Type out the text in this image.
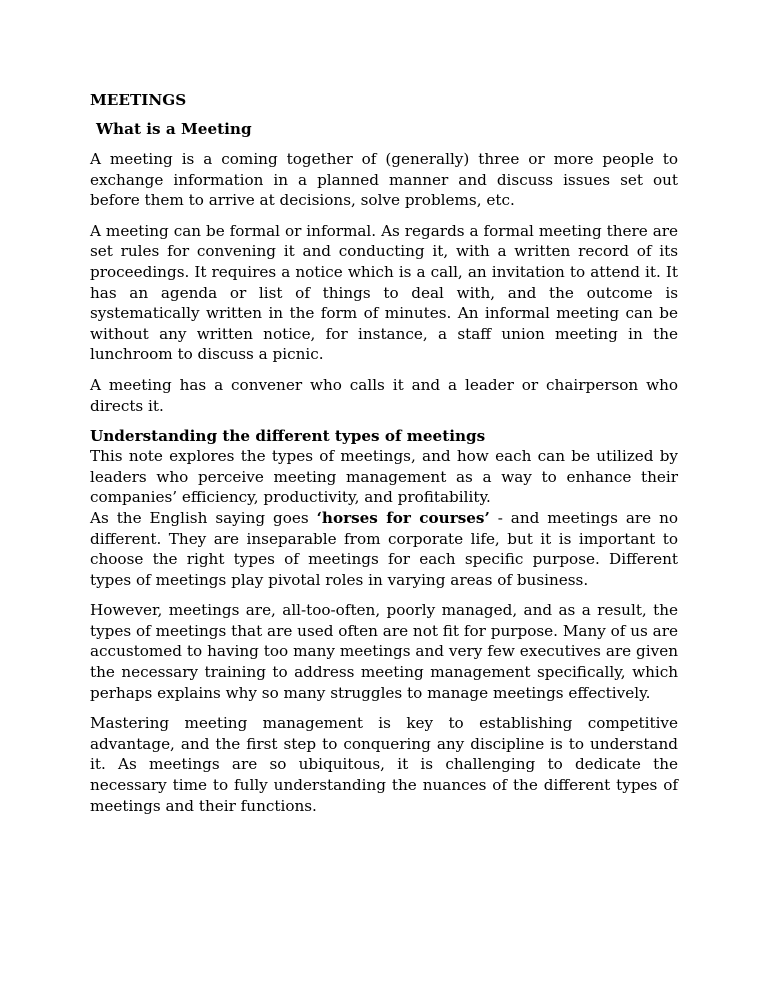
MEETINGS
What is a Meeting

A meeting is a coming together of (generally) three or more people to exchange information in a planned manner and discuss issues set out before them to arrive at decisions, solve problems, etc.

A meeting can be formal or informal. As regards a formal meeting there are set rules for convening it and conducting it, with a written record of its proceedings. It requires a notice which is a call, an invitation to attend it. It has an agenda or list of things to deal with, and the outcome is systematically written in the form of minutes. An informal meeting can be without any written notice, for instance, a staff union meeting in the lunchroom to discuss a picnic.

A meeting has a convener who calls it and a leader or chairperson who directs it.

Understanding the different types of meetings

This note explores the types of meetings, and how each can be utilized by leaders who perceive meeting management as a way to enhance their companies’ efficiency, productivity, and profitability.

As the English saying goes ‘horses for courses’ - and meetings are no different. They are inseparable from corporate life, but it is important to choose the right types of meetings for each specific purpose. Different types of meetings play pivotal roles in varying areas of business.

However, meetings are, all-too-often, poorly managed, and as a result, the types of meetings that are used often are not fit for purpose. Many of us are accustomed to having too many meetings and very few executives are given the necessary training to address meeting management specifically, which perhaps explains why so many struggles to manage meetings effectively.

Mastering meeting management is key to establishing competitive advantage, and the first step to conquering any discipline is to understand it. As meetings are so ubiquitous, it is challenging to dedicate the necessary time to fully understanding the nuances of the different types of meetings and their functions.
